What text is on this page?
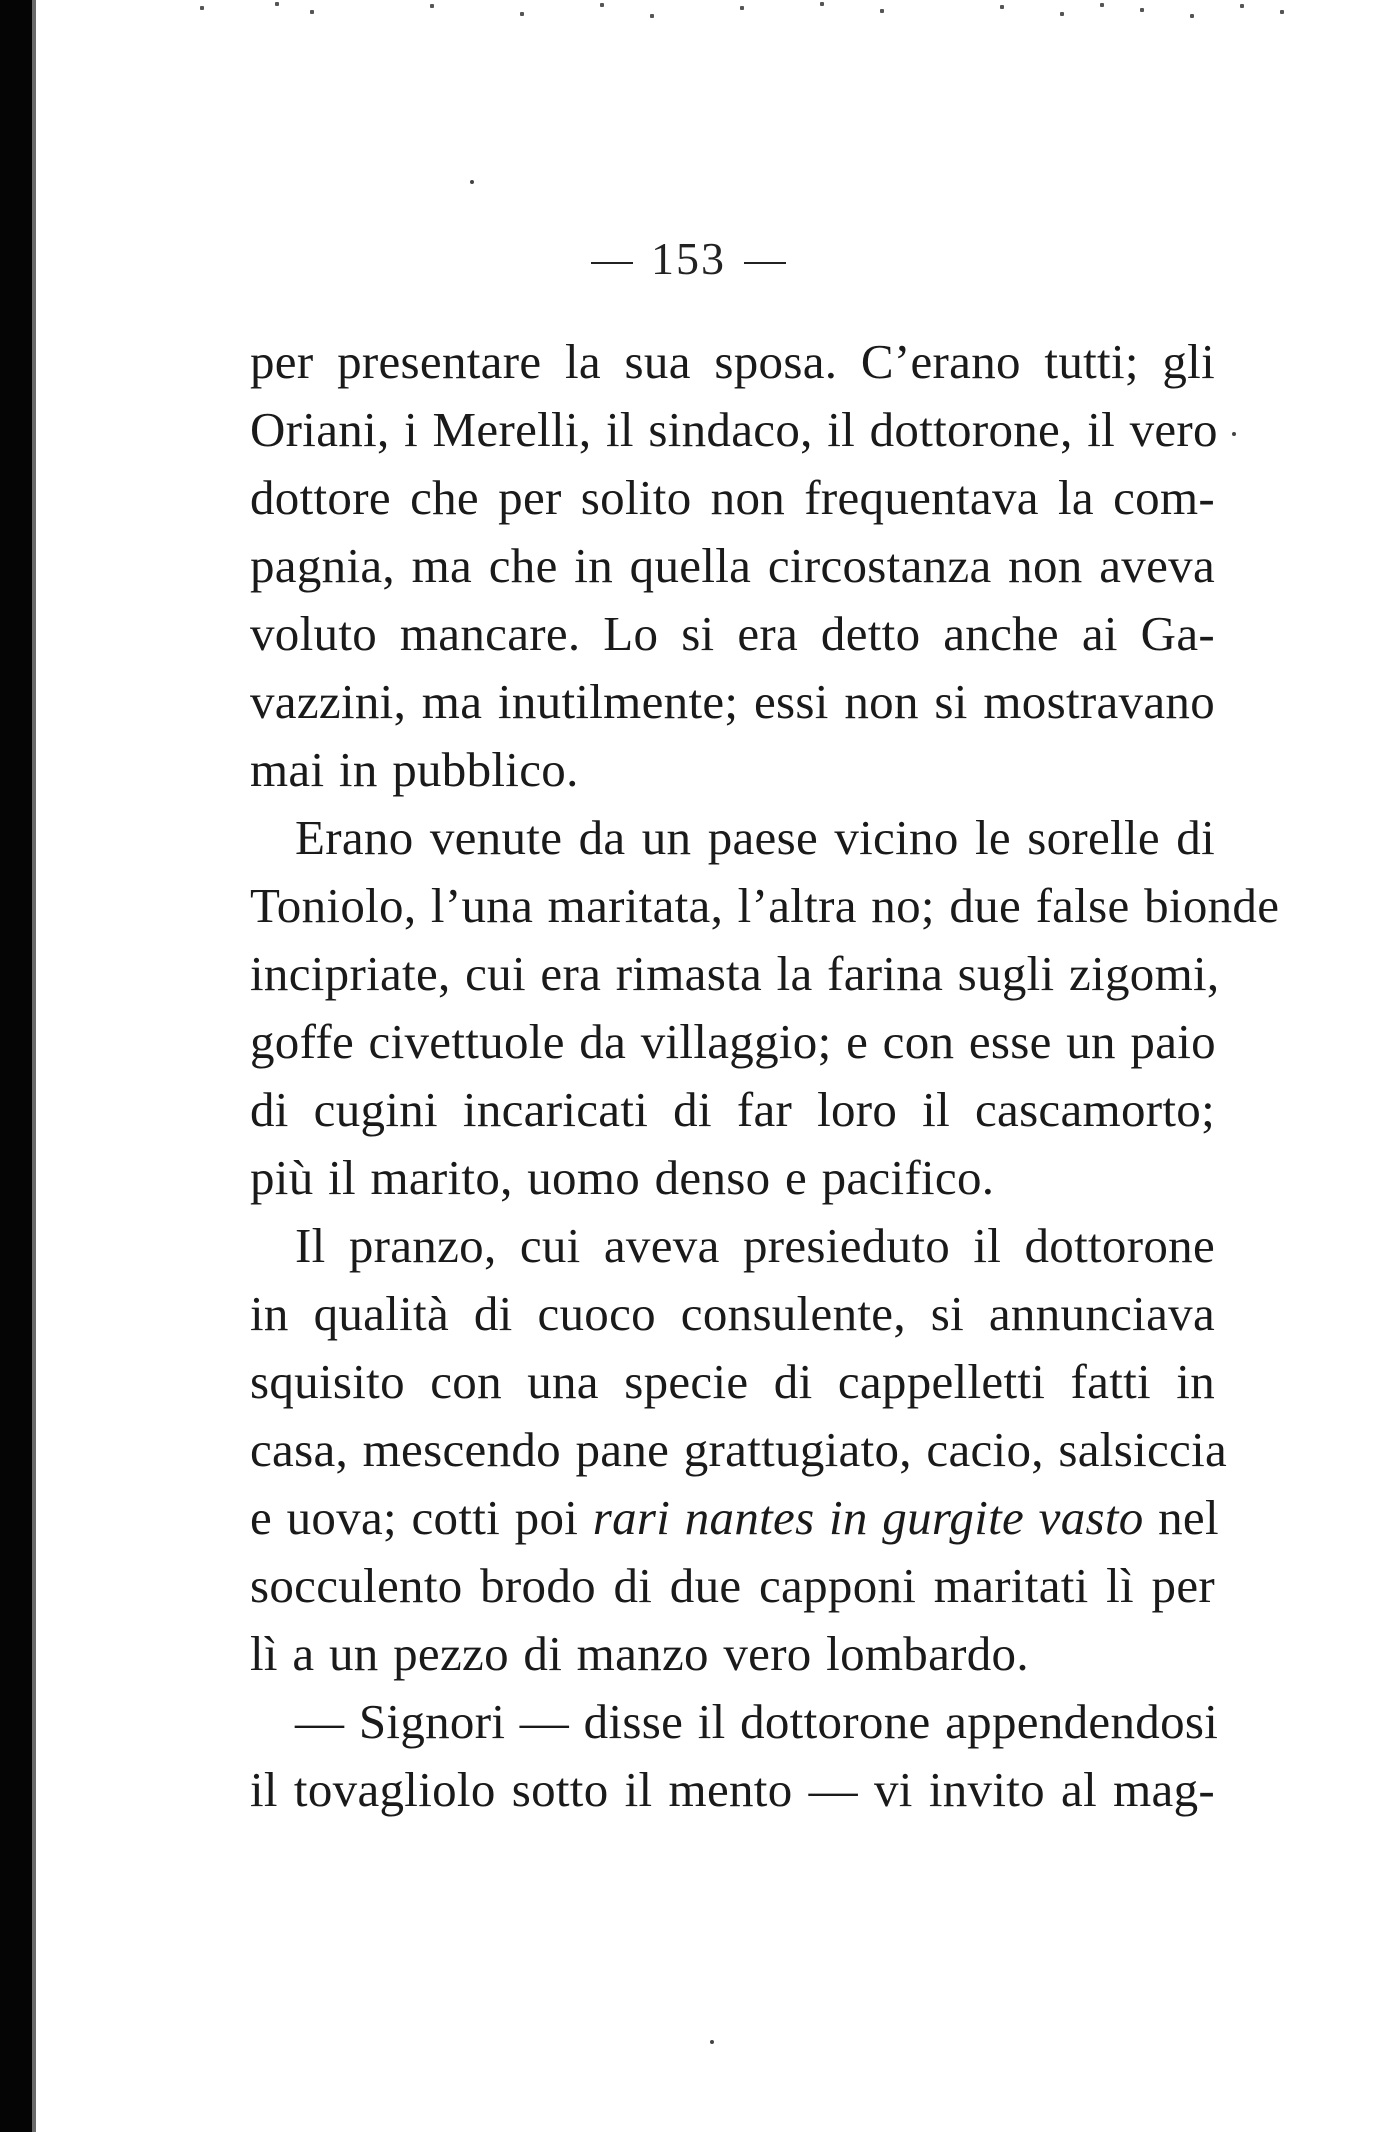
153
per presentare la sua sposa. C’erano tutti; gli
Oriani, i Merelli, il sindaco, il dottorone, il vero
dottore che per solito non frequentava la com-
pagnia, ma che in quella circostanza non aveva
voluto mancare. Lo si era detto anche ai Ga-
vazzini, ma inutilmente; essi non si mostravano
mai in pubblico.
Erano venute da un paese vicino le sorelle di
Toniolo, l’una maritata, l’altra no; due false bionde
incipriate, cui era rimasta la farina sugli zigomi,
goffe civettuole da villaggio; e con esse un paio
di cugini incaricati di far loro il cascamorto;
più il marito, uomo denso e pacifico.
Il pranzo, cui aveva presieduto il dottorone
in qualità di cuoco consulente, si annunciava
squisito con una specie di cappelletti fatti in
casa, mescendo pane grattugiato, cacio, salsiccia
e uova; cotti poi rari nantes in gurgite vasto nel
socculento brodo di due capponi maritati lì per
lì a un pezzo di manzo vero lombardo.
— Signori — disse il dottorone appendendosi
il tovagliolo sotto il mento — vi invito al mag-
